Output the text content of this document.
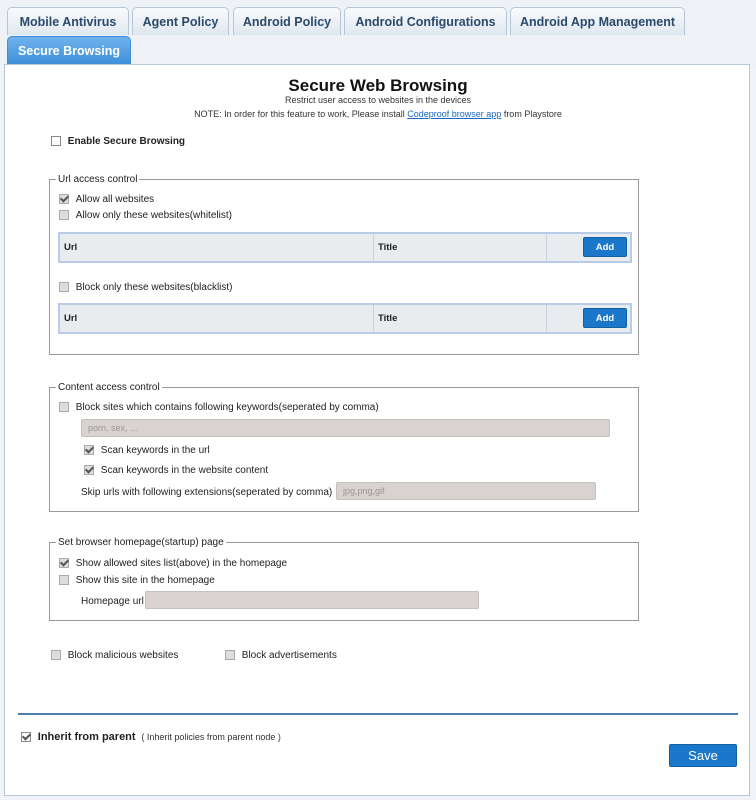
Mobile Antivirus	Agent Policy	Android Policy	Android Configurations	Android App Management
Secure Browsing
Secure Web Browsing
Restrict user access to websites in the devices
NOTE: In order for this feature to work, Please install Codeproof browser app from Playstore
Enable Secure Browsing
Url access control
Allow all websites
Allow only these websites(whitelist)
Url	Title	Add
Block only these websites(blacklist)
Url	Title	Add
Content access control
Block sites which contains following keywords(seperated by comma)
porn, sex, ...
Scan keywords in the url
Scan keywords in the website content
Skip urls with following extensions(seperated by comma)	jpg,png,gif
Set browser homepage(startup) page
Show allowed sites list(above) in the homepage
Show this site in the homepage
Homepage url
Block malicious websites	Block advertisements
Inherit from parent ( Inherit policies from parent node )
Save
